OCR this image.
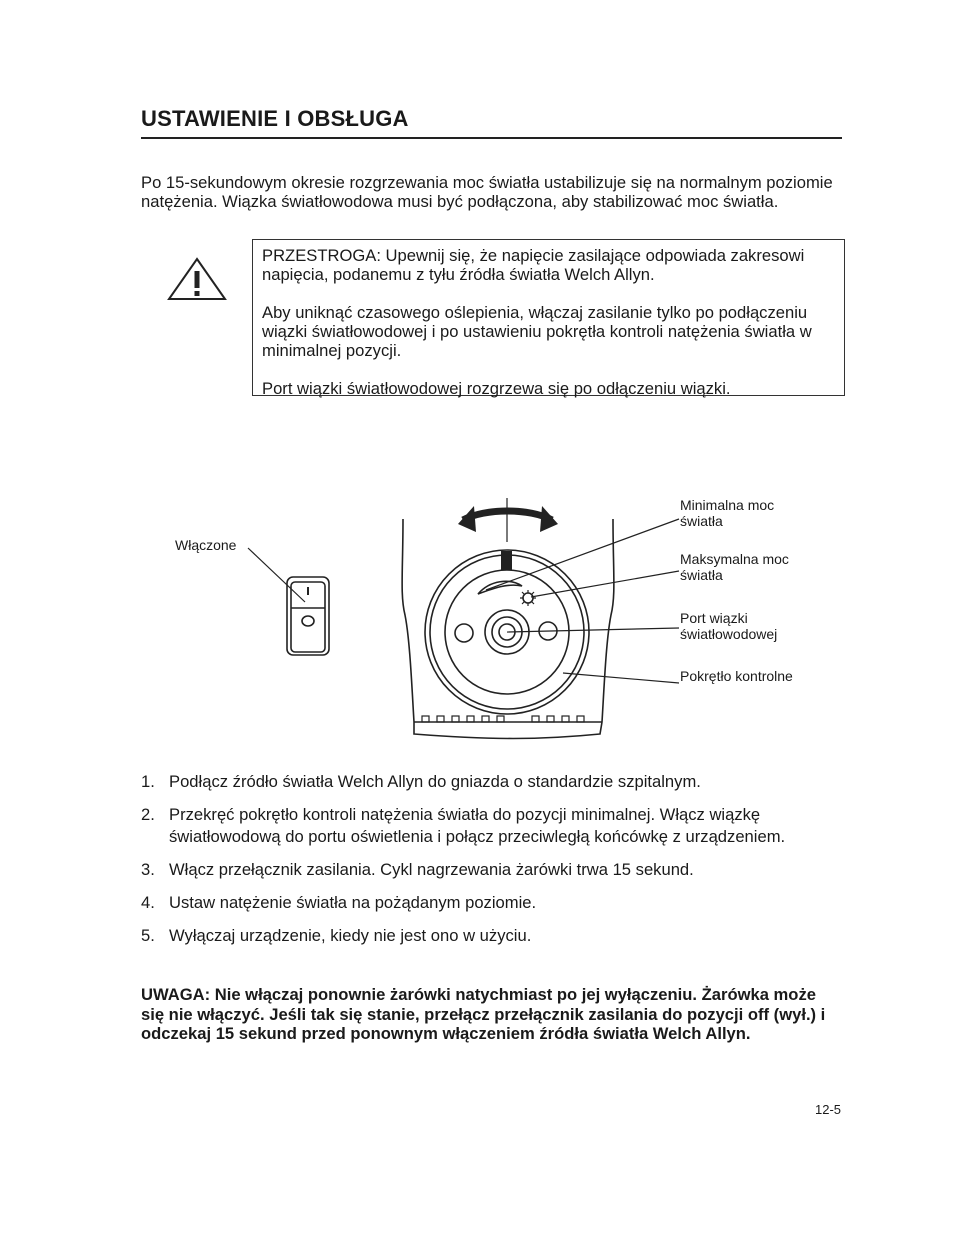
USTAWIENIE I OBSŁUGA
Po 15-sekundowym okresie rozgrzewania moc światła ustabilizuje się na normalnym poziomie natężenia. Wiązka światłowodowa musi być podłączona, aby stabilizować moc światła.

PRZESTROGA: Upewnij się, że napięcie zasilające odpowiada zakresowi napięcia, podanemu z tyłu źródła światła Welch Allyn.

Aby uniknąć czasowego oślepienia, włączaj zasilanie tylko po podłączeniu wiązki światłowodowej i po ustawieniu pokrętła kontroli natężenia światła w minimalnej pozycji.

Port wiązki światłowodowej rozgrzewa się po odłączeniu wiązki.

Włączone
Minimalna moc
światła
Maksymalna moc
światła
Port wiązki
światłowodowej
Pokrętło kontrolne
1. Podłącz źródło światła Welch Allyn do gniazda o standardzie szpitalnym.
2. Przekręć pokrętło kontroli natężenia światła do pozycji minimalnej. Włącz wiązkę światłowodową do portu oświetlenia i połącz przeciwległą końcówkę z urządzeniem.
3. Włącz przełącznik zasilania. Cykl nagrzewania żarówki trwa 15 sekund.
4. Ustaw natężenie światła na pożądanym poziomie.
5. Wyłączaj urządzenie, kiedy nie jest ono w użyciu.
UWAGA: Nie włączaj ponownie żarówki natychmiast po jej wyłączeniu. Żarówka może się nie włączyć. Jeśli tak się stanie, przełącz przełącznik zasilania do pozycji off (wył.) i odczekaj 15 sekund przed ponownym włączeniem źródła światła Welch Allyn.
12-5
